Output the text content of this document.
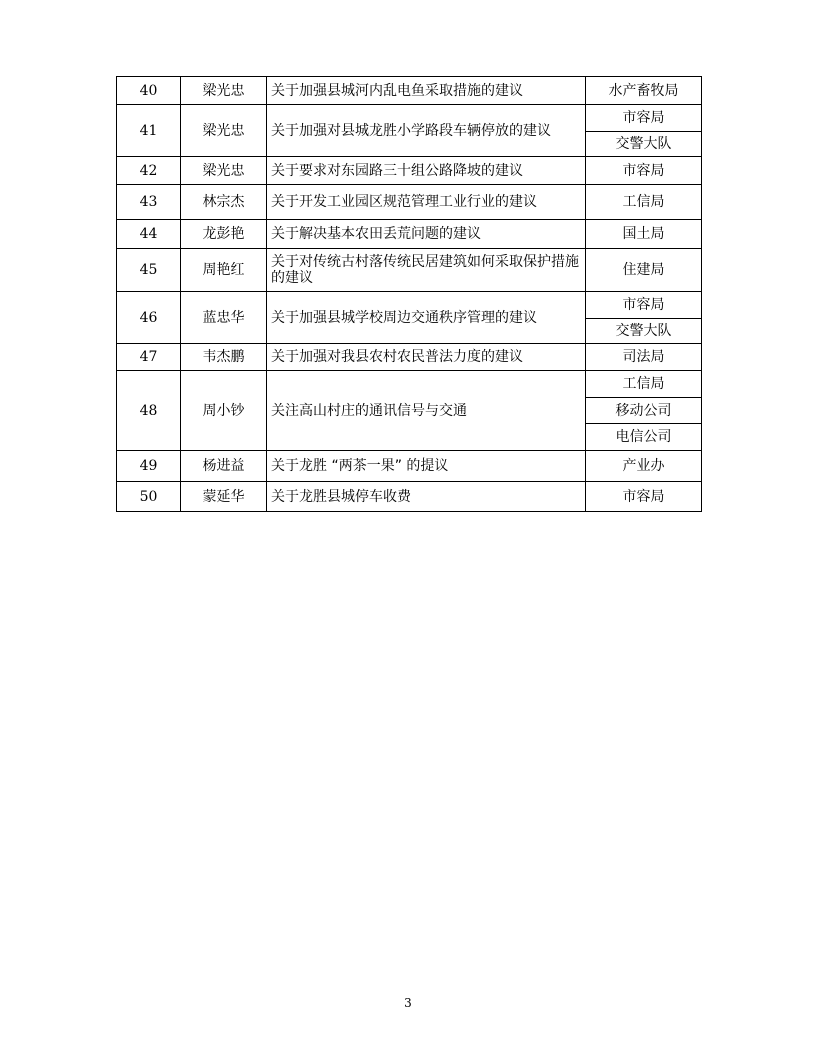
40	梁光忠	关于加强县城河内乱电鱼采取措施的建议	水产畜牧局
41	梁光忠	关于加强对县城龙胜小学路段车辆停放的建议	市容局
			交警大队
42	梁光忠	关于要求对东园路三十组公路降坡的建议	市容局
43	林宗杰	关于开发工业园区规范管理工业行业的建议	工信局
44	龙彭艳	关于解决基本农田丢荒问题的建议	国土局
45	周艳红	关于对传统古村落传统民居建筑如何采取保护措施的建议	住建局
46	蓝忠华	关于加强县城学校周边交通秩序管理的建议	市容局
			交警大队
47	韦杰鹏	关于加强对我县农村农民普法力度的建议	司法局
48	周小钞	关注高山村庄的通讯信号与交通	工信局
			移动公司
			电信公司
49	杨进益	关于龙胜 “两茶一果” 的提议	产业办
50	蒙延华	关于龙胜县城停车收费	市容局
3
